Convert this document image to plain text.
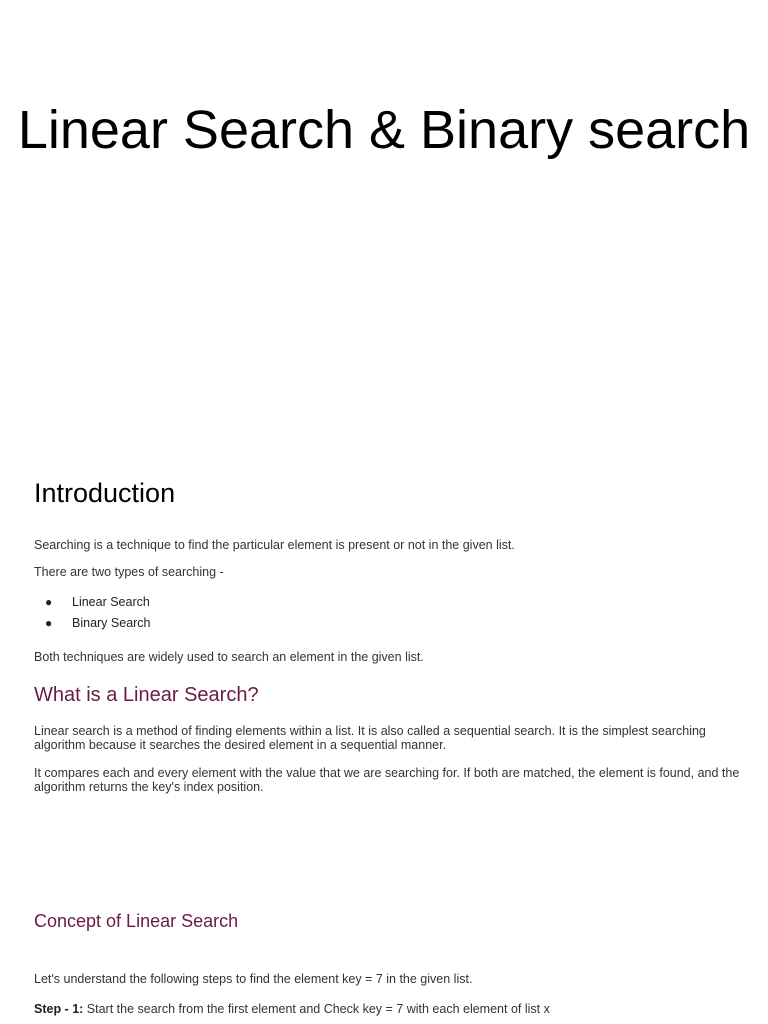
Linear Search & Binary search
Introduction

Searching is a technique to find the particular element is present or not in the given list.

There are two types of searching -

● Linear Search
● Binary Search

Both techniques are widely used to search an element in the given list.

What is a Linear Search?

Linear search is a method of finding elements within a list. It is also called a sequential search. It is the simplest searching algorithm because it searches the desired element in a sequential manner.

It compares each and every element with the value that we are searching for. If both are matched, the element is found, and the algorithm returns the key's index position.

Concept of Linear Search

Let's understand the following steps to find the element key = 7 in the given list.

Step - 1: Start the search from the first element and Check key = 7 with each element of list x
